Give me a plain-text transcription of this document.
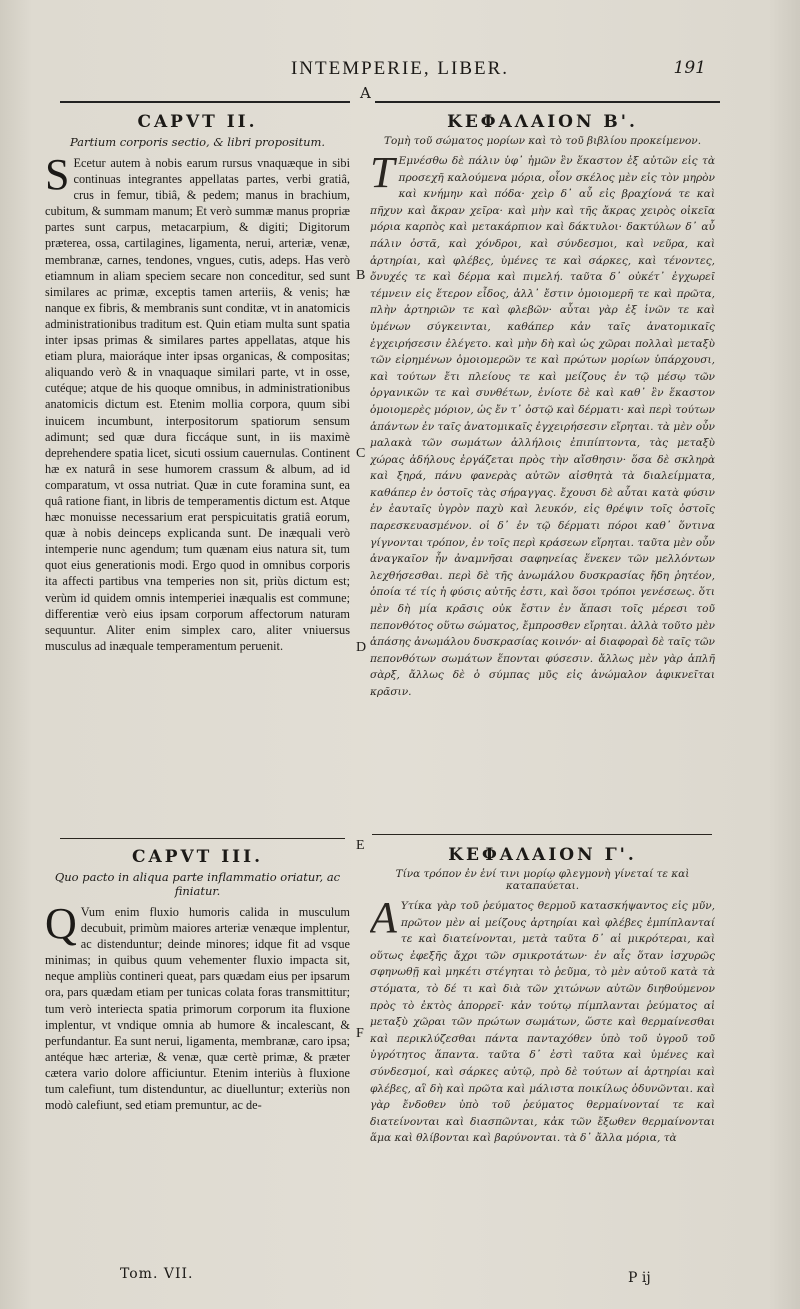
INTEMPERIE, LIBER.	191
A
B
C
D
E
F
CAPVT II.
Partium corporis sectio, & libri propositum.

S Ecetur autem à nobis earum rursus vnaquæque in sibi continuas integrantes appellatas partes, verbi gratiâ, crus in femur, tibiâ, & pedem; manus in brachium, cubitum, & summam manum; Et verò summæ manus propriæ partes sunt carpus, metacarpium, & digiti; Digitorum præterea, ossa, cartilagines, ligamenta, nerui, arteriæ, venæ, membranæ, carnes, tendones, vngues, cutis, adeps. Has verò etiamnum in aliam speciem secare non conceditur, sed sunt similares ac primæ, exceptis tamen arteriis, & venis; hæ nanque ex fibris, & membranis sunt conditæ, vt in anatomicis administrationibus traditum est. Quin etiam multa sunt spatia inter ipsas primas & similares partes appellatas, atque his etiam plura, maioráque inter ipsas organicas, & compositas; aliquando verò & in vnaquaque similari parte, vt in osse, cutéque; atque de his quoque omnibus, in administrationibus anatomicis dictum est. Etenim mollia corpora, quum sibi inuicem incumbunt, interpositorum spatiorum sensum adimunt; sed quæ dura ficcáque sunt, in iis maximè deprehendere spatia licet, sicuti ossium cauernulas. Continent hæ ex naturâ in sese humorem crassum & album, ad id comparatum, vt ossa nutriat. Quæ in cute foramina sunt, ea quâ ratione fiant, in libris de temperamentis dictum est. Atque hæc monuisse necessarium erat perspicuitatis gratiâ eorum, quæ à nobis deinceps explicanda sunt. De inæquali verò intemperie nunc agendum; tum quænam eius natura sit, tum quot eius generationis modi. Ergo quod in omnibus corporis ita affecti partibus vna temperies non sit, priùs dictum est; verùm id quidem omnis intemperiei inæqualis est commune; differentiæ verò eius ipsam corporum affectorum naturam sequuntur. Aliter enim simplex caro, aliter vniuersus musculus ad inæquale temperamentum peruenit.

CAPVT III.
Quo pacto in aliqua parte inflammatio oriatur, ac finiatur.

Q Vum enim fluxio humoris calida in musculum decubuit, primùm maiores arteriæ venæque implentur, ac distenduntur; deinde minores; idque fit ad vsque minimas; in quibus quum vehementer fluxio impacta sit, neque ampliùs contineri queat, pars quædam eius per ipsarum ora, pars quædam etiam per tunicas colata foras transmittitur; tum verò interiecta spatia primorum corporum ita fluxione implentur, vt vndique omnia ab humore & incalescant, & perfundantur. Ea sunt nerui, ligamenta, membranæ, caro ipsa; antéque hæc arteriæ, & venæ, quæ certè primæ, & præter cætera vario dolore afficiuntur. Etenim interiùs à fluxione tum calefiunt, tum distenduntur, ac diuelluntur; exteriùs non modò calefiunt, sed etiam premuntur, ac de-

ΚΕΦΑΛΑΙΟΝ Β'.
Τομὴ τοῦ σώματος μορίων καὶ τὸ τοῦ βιβλίου προκείμενον.

Τ Εμνέσθω δὲ πάλιν ὑφ᾽ ἡμῶν ἓν ἕκαστον ἐξ αὐτῶν εἰς τὰ προσεχῆ καλούμενα μόρια, οἷον σκέλος μὲν εἰς τὸν μηρὸν καὶ κνήμην καὶ πόδα· χεὶρ δ᾽ αὖ εἰς βραχίονά τε καὶ πῆχυν καὶ ἄκραν χεῖρα· καὶ μὴν καὶ τῆς ἄκρας χειρὸς οἰκεῖα μόρια καρπὸς καὶ μετακάρπιον καὶ δάκτυλοι· δακτύλων δ᾽ αὖ πάλιν ὀστᾶ, καὶ χόνδροι, καὶ σύνδεσμοι, καὶ νεῦρα, καὶ ἀρτηρίαι, καὶ φλέβες, ὑμένες τε καὶ σάρκες, καὶ τένοντες, ὄνυχές τε καὶ δέρμα καὶ πιμελή. ταῦτα δ᾽ οὐκέτ᾽ ἐγχωρεῖ τέμνειν εἰς ἕτερον εἶδος, ἀλλ᾽ ἔστιν ὁμοιομερῆ τε καὶ πρῶτα, πλὴν ἀρτηριῶν τε καὶ φλεβῶν· αὗται γὰρ ἐξ ἰνῶν τε καὶ ὑμένων σύγκεινται, καθάπερ κἀν ταῖς ἀνατομικαῖς ἐγχειρήσεσιν ἐλέγετο. καὶ μὴν δὴ καὶ ὡς χῶραι πολλαὶ μεταξὺ τῶν εἰρημένων ὁμοιομερῶν τε καὶ πρώτων μορίων ὑπάρχουσι, καὶ τούτων ἔτι πλείους τε καὶ μείζους ἐν τῷ μέσῳ τῶν ὀργανικῶν τε καὶ συνθέτων, ἐνίοτε δὲ καὶ καθ᾽ ἓν ἕκαστον ὁμοιομερὲς μόριον, ὡς ἔν τ᾽ ὀστῷ καὶ δέρματι· καὶ περὶ τούτων ἁπάντων ἐν ταῖς ἀνατομικαῖς ἐγχειρήσεσιν εἴρηται. τὰ μὲν οὖν μαλακὰ τῶν σωμάτων ἀλλήλοις ἐπιπίπτοντα, τὰς μεταξὺ χώρας ἀδήλους ἐργάζεται πρὸς τὴν αἴσθησιν· ὅσα δὲ σκληρὰ καὶ ξηρά, πάνυ φανερὰς αὐτῶν αἰσθητὰ τὰ διαλείμματα, καθάπερ ἐν ὀστοῖς τὰς σήραγγας. ἔχουσι δὲ αὗται κατὰ φύσιν ἐν ἑαυταῖς ὑγρὸν παχὺ καὶ λευκόν, εἰς θρέψιν τοῖς ὀστοῖς παρεσκευασμένον. οἱ δ᾽ ἐν τῷ δέρματι πόροι καθ᾽ ὅντινα γίγνονται τρόπον, ἐν τοῖς περὶ κράσεων εἴρηται. ταῦτα μὲν οὖν ἀναγκαῖον ἦν ἀναμνῆσαι σαφηνείας ἕνεκεν τῶν μελλόντων λεχθήσεσθαι. περὶ δὲ τῆς ἀνωμάλου δυσκρασίας ἤδη ῥητέον, ὁποία τέ τίς ἡ φύσις αὐτῆς ἐστι, καὶ ὅσοι τρόποι γενέσεως. ὅτι μὲν δὴ μία κρᾶσις οὐκ ἔστιν ἐν ἅπασι τοῖς μέρεσι τοῦ πεπονθότος οὕτω σώματος, ἔμπροσθεν εἴρηται. ἀλλὰ τοῦτο μὲν ἁπάσης ἀνωμάλου δυσκρασίας κοινόν· αἱ διαφοραὶ δὲ ταῖς τῶν πεπονθότων σωμάτων ἕπονται φύσεσιν. ἄλλως μὲν γὰρ ἁπλῆ σὰρξ, ἄλλως δὲ ὁ σύμπας μῦς εἰς ἀνώμαλον ἀφικνεῖται κρᾶσιν.

ΚΕΦΑΛΑΙΟΝ Γ'.
Τίνα τρόπον ἐν ἑνί τινι μορίῳ φλεγμονὴ γίνεταί τε καὶ καταπαύεται.

Α Υτίκα γὰρ τοῦ ῥεύματος θερμοῦ κατασκήψαντος εἰς μῦν, πρῶτον μὲν αἱ μείζους ἀρτηρίαι καὶ φλέβες ἐμπίπλανταί τε καὶ διατείνονται, μετὰ ταῦτα δ᾽ αἱ μικρότεραι, καὶ οὕτως ἐφεξῆς ἄχρι τῶν σμικροτάτων· ἐν αἷς ὅταν ἰσχυρῶς σφηνωθῇ καὶ μηκέτι στέγηται τὸ ῥεῦμα, τὸ μὲν αὐτοῦ κατὰ τὰ στόματα, τὸ δέ τι καὶ διὰ τῶν χιτώνων αὐτῶν διηθούμενον πρὸς τὸ ἐκτὸς ἀπορρεῖ· κἀν τούτῳ πίμπλανται ῥεύματος αἱ μεταξὺ χῶραι τῶν πρώτων σωμάτων, ὥστε καὶ θερμαίνεσθαι καὶ περικλύζεσθαι πάντα πανταχόθεν ὑπὸ τοῦ ὑγροῦ τοῦ ὑγρότητος ἅπαντα. ταῦτα δ᾽ ἐστὶ ταῦτα καὶ ὑμένες καὶ σύνδεσμοί, καὶ σάρκες αὐτῷ, πρὸ δὲ τούτων αἱ ἀρτηρίαι καὶ φλέβες, αἳ δὴ καὶ πρῶτα καὶ μάλιστα ποικίλως ὀδυνῶνται. καὶ γὰρ ἔνδοθεν ὑπὸ τοῦ ῥεύματος θερμαίνονταί τε καὶ διατείνονται καὶ διασπῶνται, κἀκ τῶν ἔξωθεν θερμαίνονται ἅμα καὶ θλίβονται καὶ βαρύνονται. τὰ δ᾽ ἄλλα μόρια, τὰ

Tom. VII.	P ij
